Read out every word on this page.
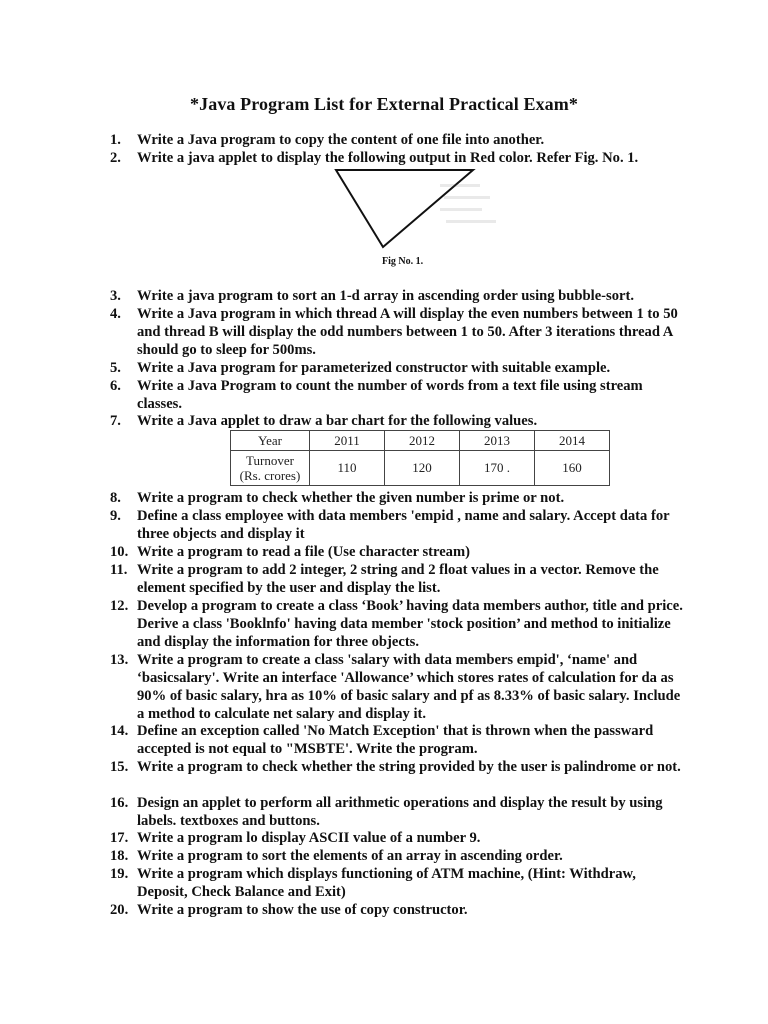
*Java Program List for External Practical Exam*
1.	Write a Java program to copy the content of one file into another.
2.	Write a java applet to display the following output in Red color. Refer Fig. No. 1.
3.	Write a java program to sort an 1-d array in ascending order using bubble-sort.
4.	Write a Java program in which thread A will display the even numbers between 1 to 50 and thread B will display the odd numbers between 1 to 50. After 3 iterations thread A should go to sleep for 500ms.
5.	Write a Java program for parameterized constructor with suitable example.
6.	Write a Java Program to count the number of words from a text file using stream classes.
7.	Write a Java applet to draw a bar chart for the following values.
8.	Write a program to check whether the given number is prime or not.
9.	Define a class employee with data members 'empid , name and salary. Accept data for three objects and display it
10. Write a program to read a file (Use character stream)
11. Write a program to add 2 integer, 2 string and 2 float values in a vector. Remove the element specified by the user and display the list.
12. Develop a program to create a class ‘Book’ having data members author, title and price. Derive a class 'Booklnfo' having data member 'stock position’ and method to initialize and display the information for three objects.
13. Write a program to create a class 'salary with data members empid', ‘name' and ‘basicsalary'. Write an interface 'Allowance’ which stores rates of calculation for da as 90% of basic salary, hra as 10% of basic salary and pf as 8.33% of basic salary. Include a method to calculate net salary and display it.
14. Define an exception called 'No Match Exception' that is thrown when the passward accepted is not equal to "MSBTE'. Write the program.
15. Write a program to check whether the string provided by the user is palindrome or not.
16. Design an applet to perform all arithmetic operations and display the result by using labels. textboxes and buttons.
17. Write a program lo display ASCII value of a number 9.
18. Write a program to sort the elements of an array in ascending order.
19. Write a program which displays functioning of ATM machine, (Hint: Withdraw, Deposit, Check Balance and Exit)
20. Write a program to show the use of copy constructor.
Fig No. 1.
Year	2011	2012	2013	2014
Turnover
(Rs. crores)	110	120	170 .	160
